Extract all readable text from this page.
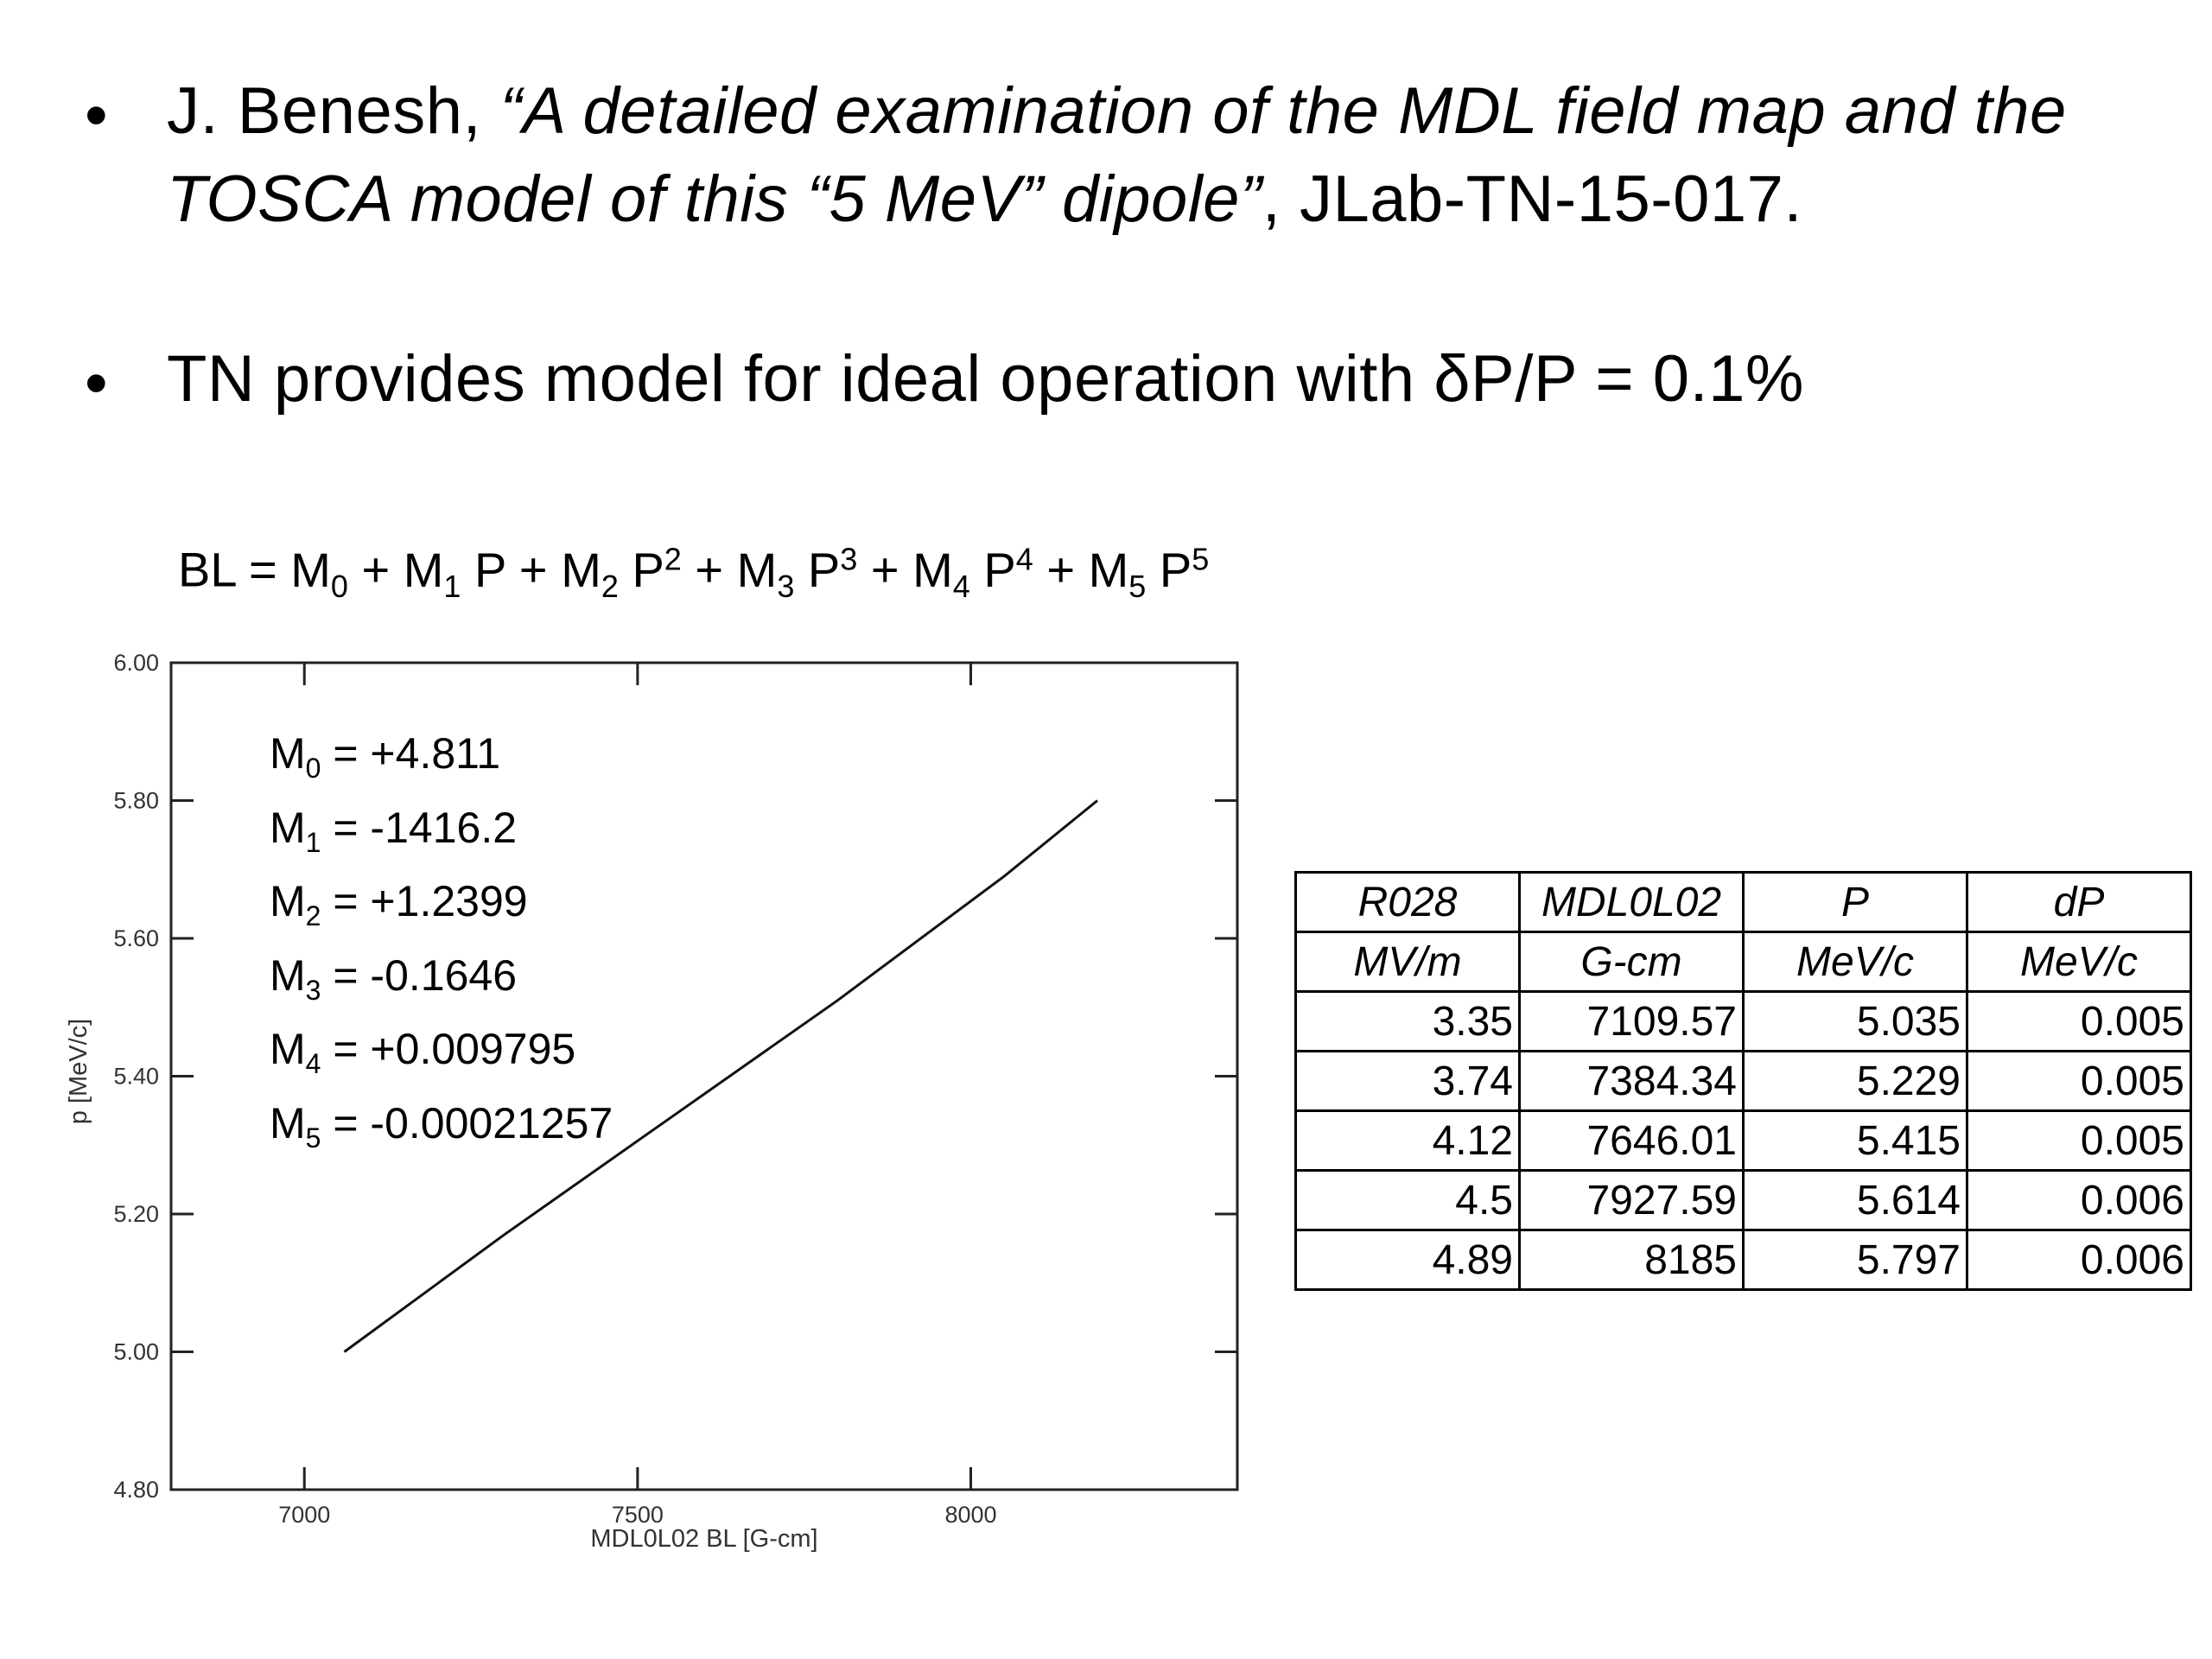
• J. Benesh, “A detailed examination of the MDL field map and the
TOSCA model of this “5 MeV” dipole”, JLab-TN-15-017.
• TN provides model for ideal operation with δP/P = 0.1%
BL = $M_0 + M_1$ $P + M_2$ $P^2 + M_3$ $P^3 + M_4$ $P^4 + M_5$ $P^5$
4.80
5.00
5.20
5.40
5.60
5.80
6.00
7000	7500	8000
MDL0L02 BL [G-cm]
p [MeV/c]
$M_0 = +4.811$
$M_1 = -1416.2$
$M_2 = +1.2399$
$M_3 = -0.1646$
$M_4 = +0.009795$
$M_5 = -0.00021257$
R028	MDL0L02	P	dP
MV/m	G-cm	MeV/c	MeV/c
3.35	7109.57	5.035	0.005
3.74	7384.34	5.229	0.005
4.12	7646.01	5.415	0.005
4.5	7927.59	5.614	0.006
4.89	8185	5.797	0.006
